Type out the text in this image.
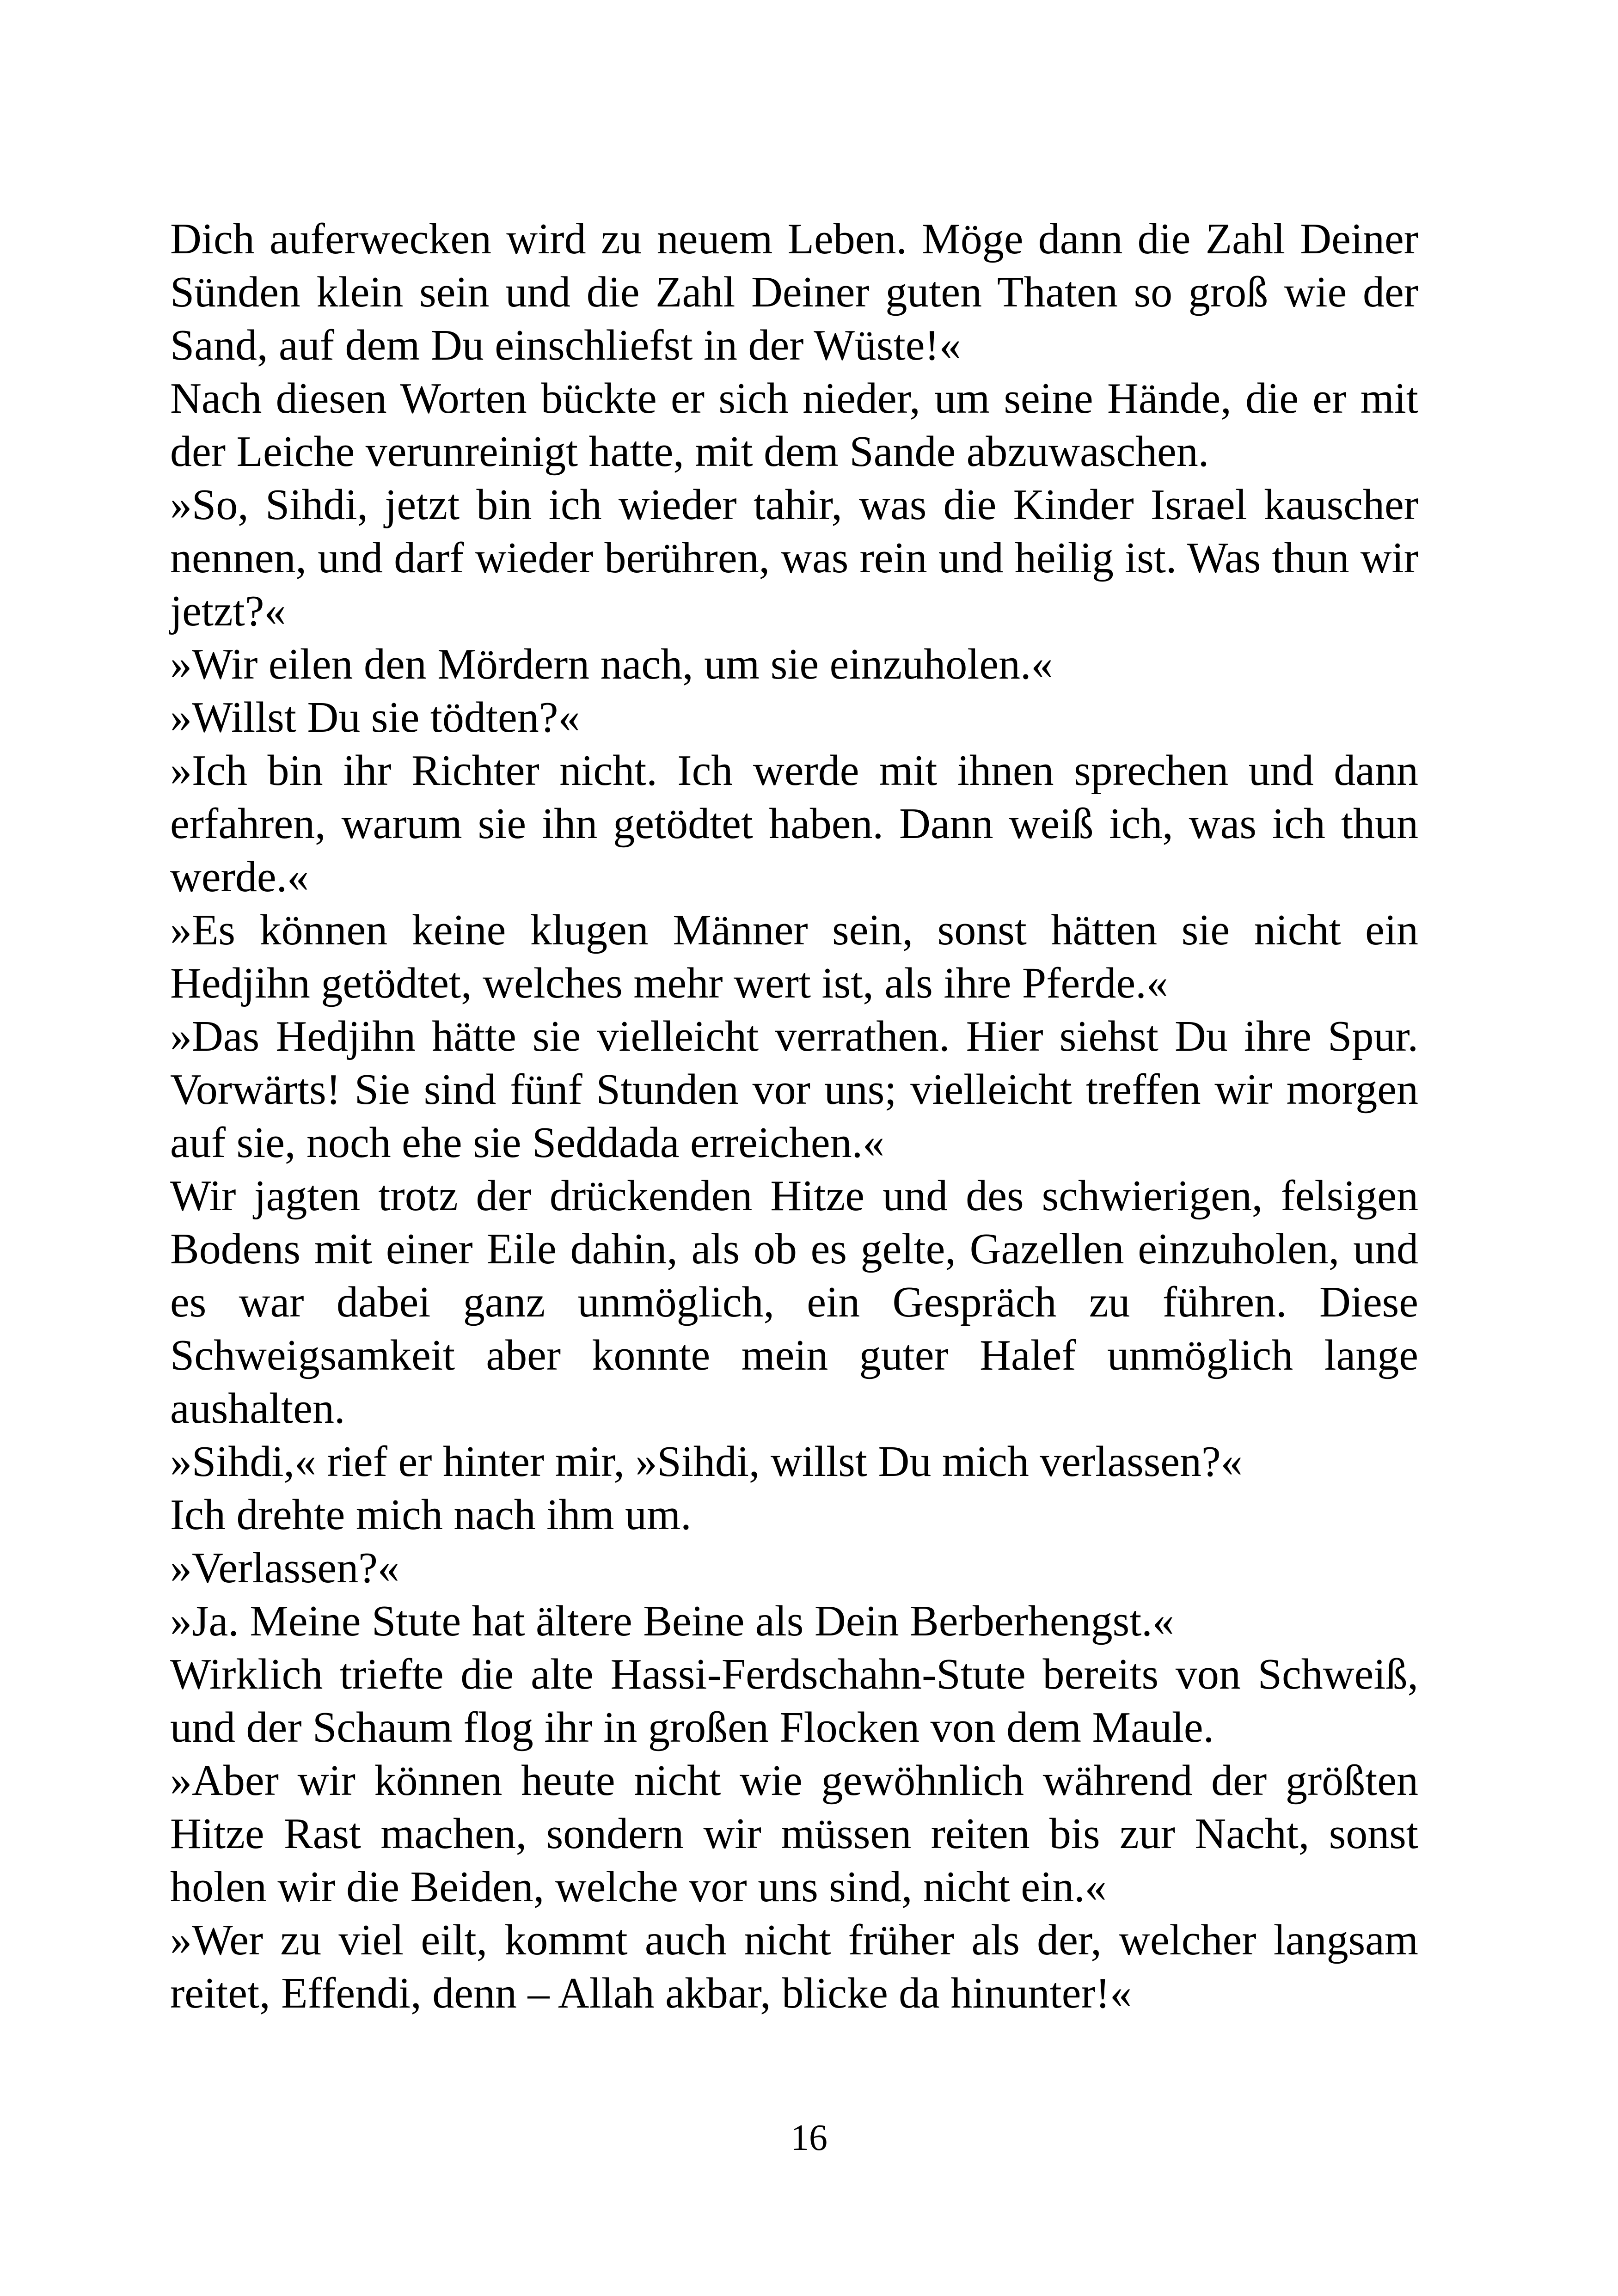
Dich auferwecken wird zu neuem Leben. Möge dann die Zahl Deiner Sünden klein sein und die Zahl Deiner guten Thaten so groß wie der Sand, auf dem Du einschliefst in der Wüste!«

Nach diesen Worten bückte er sich nieder, um seine Hände, die er mit der Leiche verunreinigt hatte, mit dem Sande abzuwaschen.

»So, Sihdi, jetzt bin ich wieder tahir, was die Kinder Israel kauscher nennen, und darf wieder berühren, was rein und heilig ist. Was thun wir jetzt?«

»Wir eilen den Mördern nach, um sie einzuholen.«

»Willst Du sie tödten?«

»Ich bin ihr Richter nicht. Ich werde mit ihnen sprechen und dann erfahren, warum sie ihn getödtet haben. Dann weiß ich, was ich thun werde.«

»Es können keine klugen Männer sein, sonst hätten sie nicht ein Hedjihn getödtet, welches mehr wert ist, als ihre Pferde.«

»Das Hedjihn hätte sie vielleicht verrathen. Hier siehst Du ihre Spur. Vorwärts! Sie sind fünf Stunden vor uns; vielleicht treffen wir morgen auf sie, noch ehe sie Seddada erreichen.«

Wir jagten trotz der drückenden Hitze und des schwierigen, felsigen Bodens mit einer Eile dahin, als ob es gelte, Gazellen einzuholen, und es war dabei ganz unmöglich, ein Gespräch zu führen. Diese Schweigsamkeit aber konnte mein guter Halef unmöglich lange aushalten.

»Sihdi,« rief er hinter mir, »Sihdi, willst Du mich verlassen?«

Ich drehte mich nach ihm um.

»Verlassen?«

»Ja. Meine Stute hat ältere Beine als Dein Berberhengst.«

Wirklich triefte die alte Hassi-Ferdschahn-Stute bereits von Schweiß, und der Schaum flog ihr in großen Flocken von dem Maule.

»Aber wir können heute nicht wie gewöhnlich während der größten Hitze Rast machen, sondern wir müssen reiten bis zur Nacht, sonst holen wir die Beiden, welche vor uns sind, nicht ein.«

»Wer zu viel eilt, kommt auch nicht früher als der, welcher langsam reitet, Effendi, denn – Allah akbar, blicke da hinunter!«

16
